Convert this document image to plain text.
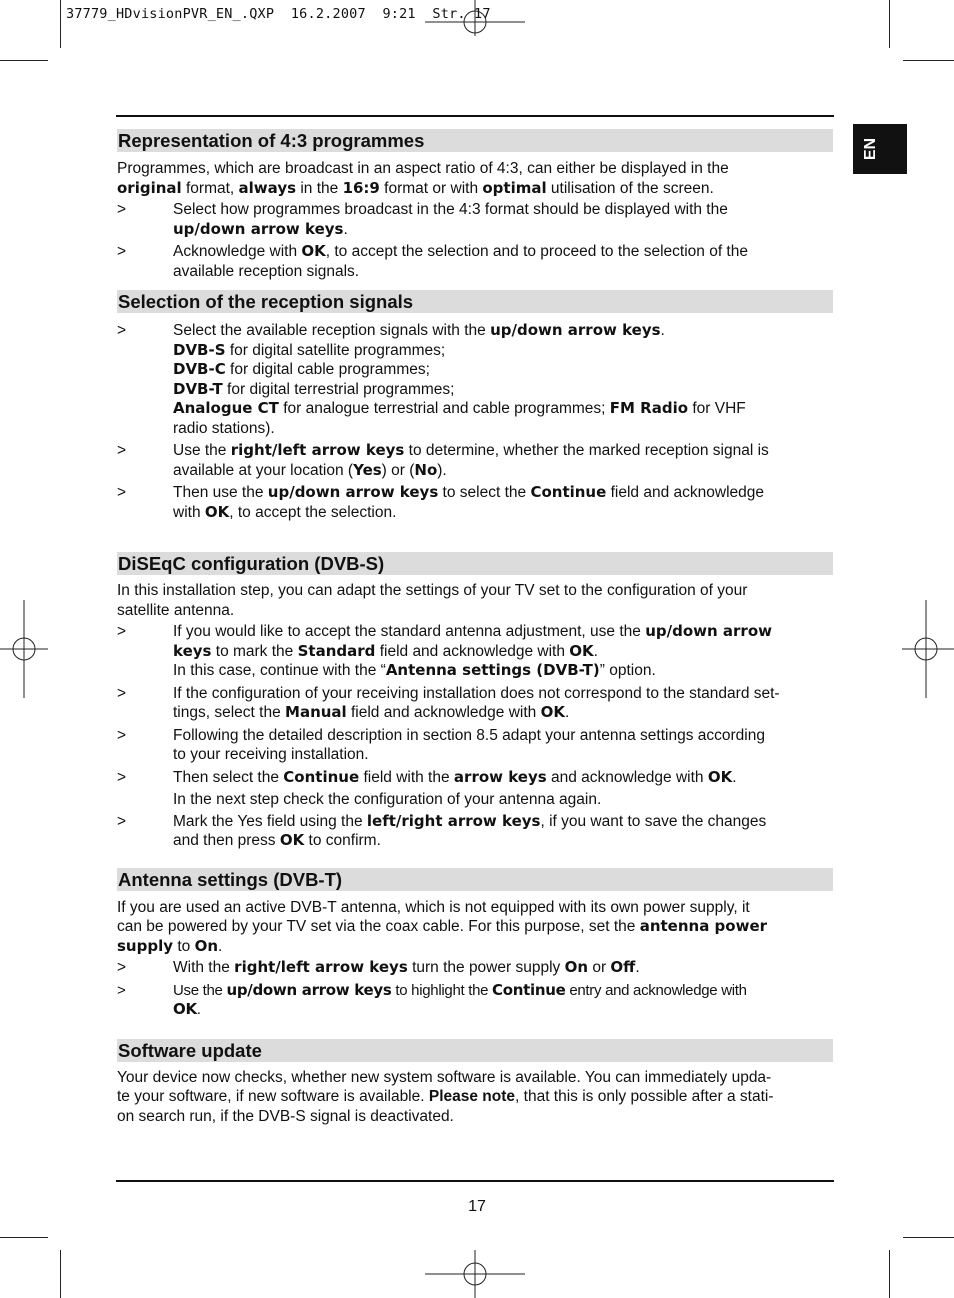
37779_HDvisionPVR_EN_.QXP  16.2.2007  9:21  Str. 17
EN
Representation of 4:3 programmes

Programmes, which are broadcast in an aspect ratio of 4:3, can either be displayed in the
original format, always in the 16:9 format or with optimal utilisation of the screen.

>	Select how programmes broadcast in the 4:3 format should be displayed with the
up/down arrow keys.
>	Acknowledge with OK, to accept the selection and to proceed to the selection of the
available reception signals.
Selection of the reception signals
>	Select the available reception signals with the up/down arrow keys.
DVB-S for digital satellite programmes;
DVB-C for digital cable programmes;
DVB-T for digital terrestrial programmes;
Analogue CT for analogue terrestrial and cable programmes; FM Radio for VHF
radio stations).
>	Use the right/left arrow keys to determine, whether the marked reception signal is
available at your location (Yes) or (No).
>	Then use the up/down arrow keys to select the Continue field and acknowledge
with OK, to accept the selection.
DiSEqC configuration (DVB-S)

In this installation step, you can adapt the settings of your TV set to the configuration of your
satellite antenna.

>	If you would like to accept the standard antenna adjustment, use the up/down arrow
keys to mark the Standard field and acknowledge with OK.
In this case, continue with the “Antenna settings (DVB-T)” option.
>	If the configuration of your receiving installation does not correspond to the standard set-
tings, select the Manual field and acknowledge with OK.
>	Following the detailed description in section 8.5 adapt your antenna settings according
to your receiving installation.
>	Then select the Continue field with the arrow keys and acknowledge with OK.
In the next step check the configuration of your antenna again.
>	Mark the Yes field using the left/right arrow keys, if you want to save the changes
and then press OK to confirm.
Antenna settings (DVB-T)

If you are used an active DVB-T antenna, which is not equipped with its own power supply, it
can be powered by your TV set via the coax cable. For this purpose, set the antenna power
supply to On.

>	With the right/left arrow keys turn the power supply On or Off.
>	Use the up/down arrow keys to highlight the Continue entry and acknowledge with
OK.
Software update

Your device now checks, whether new system software is available. You can immediately upda-
te your software, if new software is available. Please note, that this is only possible after a stati-
on search run, if the DVB-S signal is deactivated.

17
